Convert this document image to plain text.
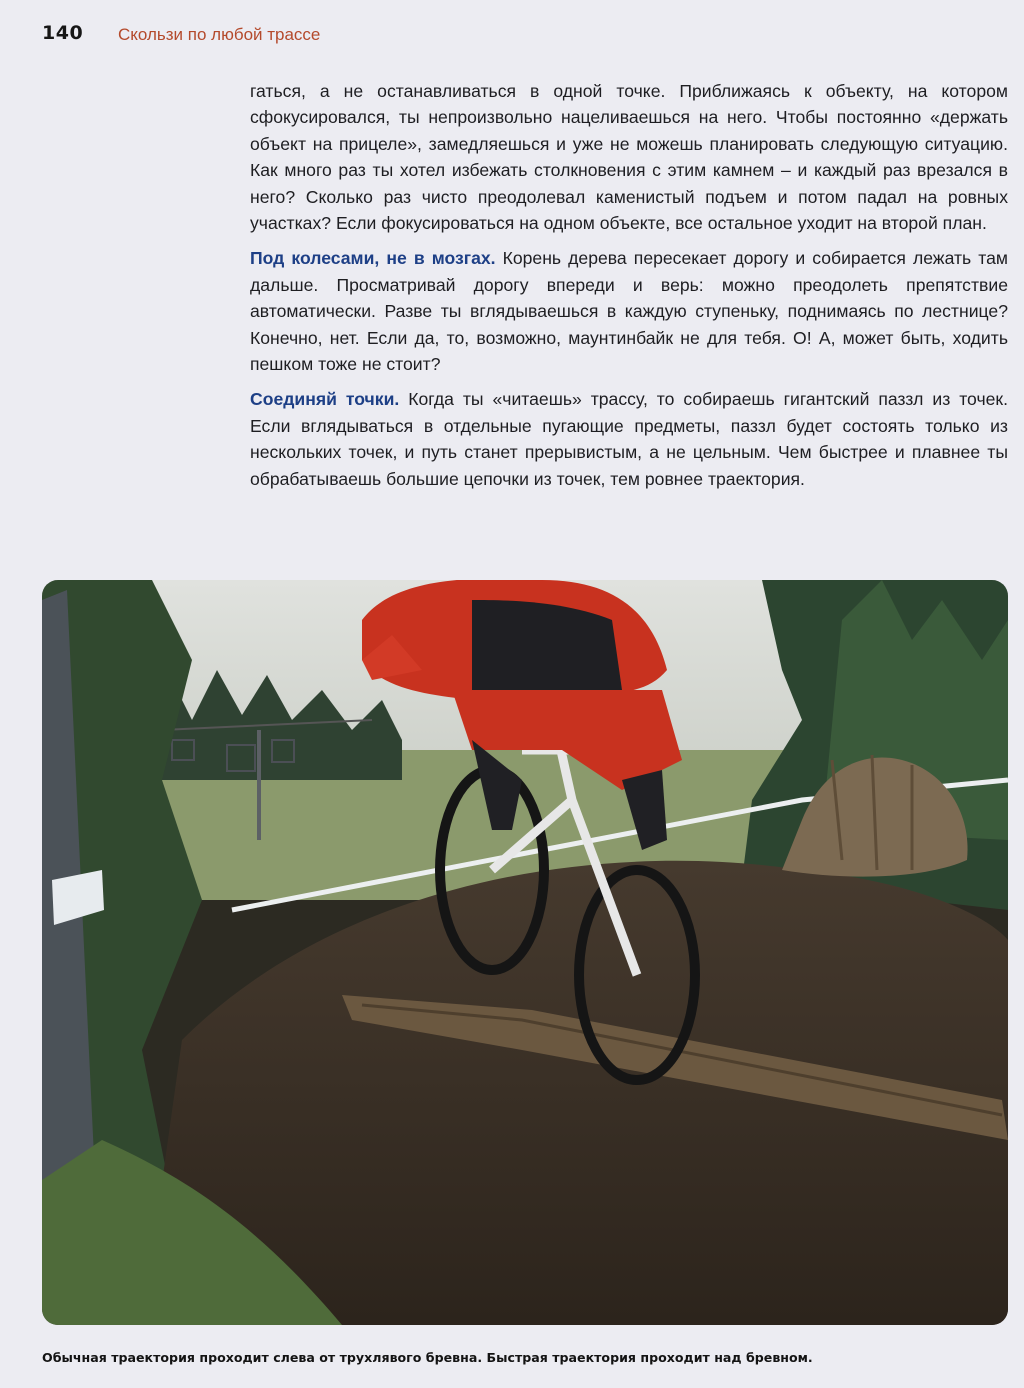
140 Скользи по любой трассе

гаться, а не останавливаться в одной точке. Приближаясь к объекту, на котором сфокусировался, ты непроизвольно нацеливаешься на него. Чтобы постоянно «держать объект на прицеле», замедляешься и уже не можешь планировать следующую ситуацию. Как много раз ты хотел избежать столкновения с этим камнем – и каждый раз врезался в него? Сколько раз чисто преодолевал каменистый подъем и потом падал на ровных участках? Если фокусироваться на одном объекте, все остальное уходит на второй план.

Под колесами, не в мозгах. Корень дерева пересекает дорогу и собирается лежать там дальше. Просматривай дорогу впереди и верь: можно преодолеть препятствие автоматически. Разве ты вглядываешься в каждую ступеньку, поднимаясь по лестнице? Конечно, нет. Если да, то, возможно, маунтинбайк не для тебя. О! А, может быть, ходить пешком тоже не стоит?

Соединяй точки. Когда ты «читаешь» трассу, то собираешь гигантский паззл из точек. Если вглядываться в отдельные пугающие предметы, паззл будет состоять только из нескольких точек, и путь станет прерывистым, а не цельным. Чем быстрее и плавнее ты обрабатываешь большие цепочки из точек, тем ровнее траектория.

Обычная траектория проходит слева от трухлявого бревна. Быстрая траектория проходит над бревном.
